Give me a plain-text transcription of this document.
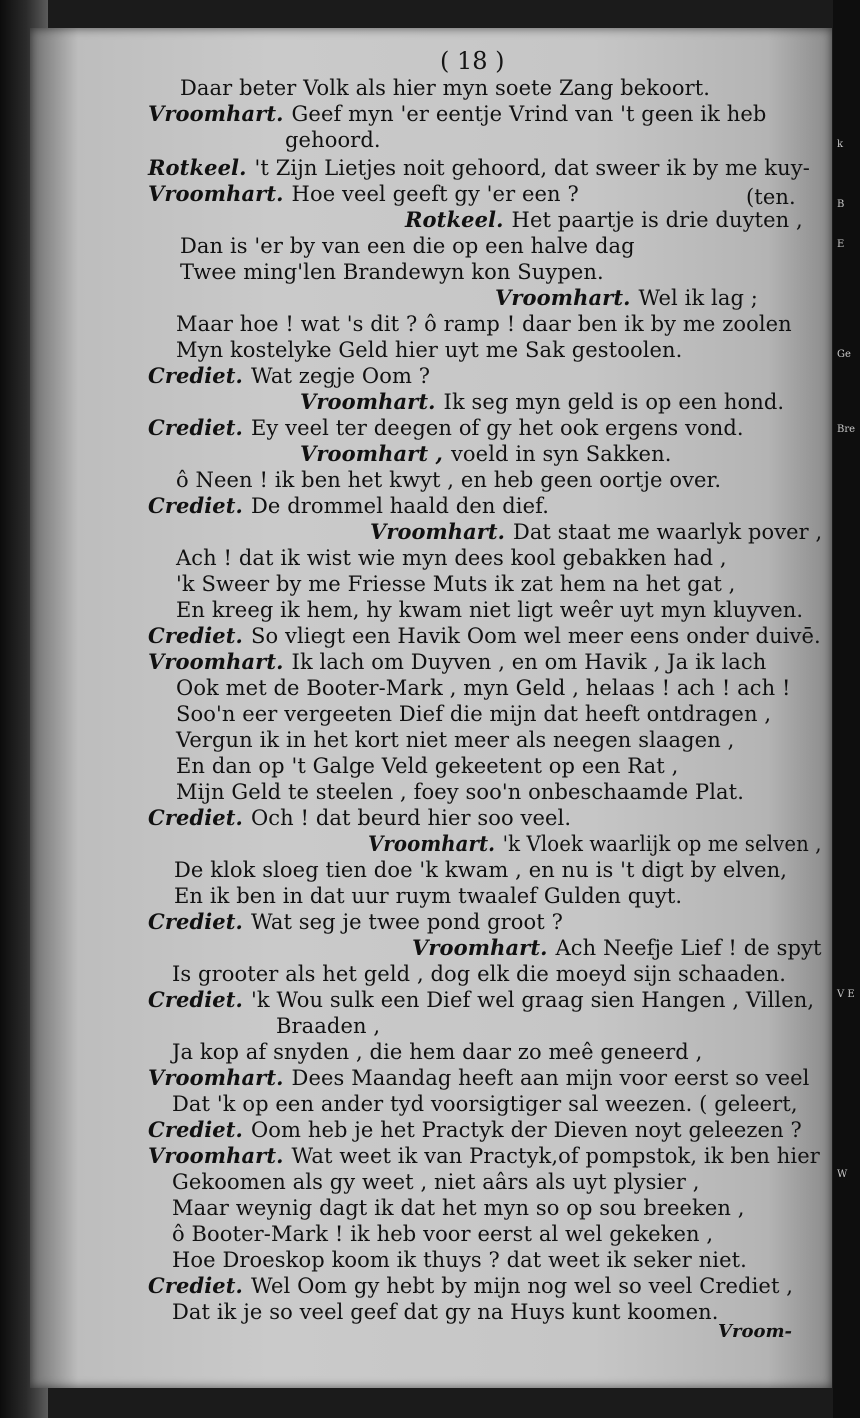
k
B
E
Ge
Bre
V E
W
( 18 )
Daar beter Volk als hier myn soete Zang bekoort.
Vroomhart. Geef myn 'er eentje Vrind van 't geen ik heb
gehoord.
Rotkeel. 't Zijn Lietjes noit gehoord, dat sweer ik by me kuy-
Vroomhart. Hoe veel geeft gy 'er een ?	(ten.
Rotkeel. Het paartje is drie duyten ,
Dan is 'er by van een die op een halve dag
Twee ming'len Brandewyn kon Suypen.
Vroomhart. Wel ik lag ;
Maar hoe ! wat 's dit ? ô ramp ! daar ben ik by me zoolen
Myn kostelyke Geld hier uyt me Sak gestoolen.
Crediet. Wat zegje Oom ?
Vroomhart. Ik seg myn geld is op een hond.
Crediet. Ey veel ter deegen of gy het ook ergens vond.
Vroomhart , voeld in syn Sakken.
ô Neen ! ik ben het kwyt , en heb geen oortje over.
Crediet. De drommel haald den dief.
Vroomhart. Dat staat me waarlyk pover ,
Ach ! dat ik wist wie myn dees kool gebakken had ,
'k Sweer by me Friesse Muts ik zat hem na het gat ,
En kreeg ik hem, hy kwam niet ligt weêr uyt myn kluyven.
Crediet. So vliegt een Havik Oom wel meer eens onder duivē.
Vroomhart. Ik lach om Duyven , en om Havik , Ja ik lach
Ook met de Booter-Mark , myn Geld , helaas ! ach ! ach !
Soo'n eer vergeeten Dief die mijn dat heeft ontdragen ,
Vergun ik in het kort niet meer als neegen slaagen ,
En dan op 't Galge Veld gekeetent op een Rat ,
Mijn Geld te steelen , foey soo'n onbeschaamde Plat.
Crediet. Och ! dat beurd hier soo veel.
Vroomhart. 'k Vloek waarlijk op me selven ,
De klok sloeg tien doe 'k kwam , en nu is 't digt by elven,
En ik ben in dat uur ruym twaalef Gulden quyt.
Crediet. Wat seg je twee pond groot ?
Vroomhart. Ach Neefje Lief ! de spyt
Is grooter als het geld , dog elk die moeyd sijn schaaden.
Crediet. 'k Wou sulk een Dief wel graag sien Hangen , Villen,
Braaden ,
Ja kop af snyden , die hem daar zo meê geneerd ,
Vroomhart. Dees Maandag heeft aan mijn voor eerst so veel
Dat 'k op een ander tyd voorsigtiger sal weezen. ( geleert,
Crediet. Oom heb je het Practyk der Dieven noyt geleezen ?
Vroomhart. Wat weet ik van Practyk,of pompstok, ik ben hier
Gekoomen als gy weet , niet aârs als uyt plysier ,
Maar weynig dagt ik dat het myn so op sou breeken ,
ô Booter-Mark ! ik heb voor eerst al wel gekeken ,
Hoe Droeskop koom ik thuys ? dat weet ik seker niet.
Crediet. Wel Oom gy hebt by mijn nog wel so veel Crediet ,
Dat ik je so veel geef dat gy na Huys kunt koomen.
Vroom-
